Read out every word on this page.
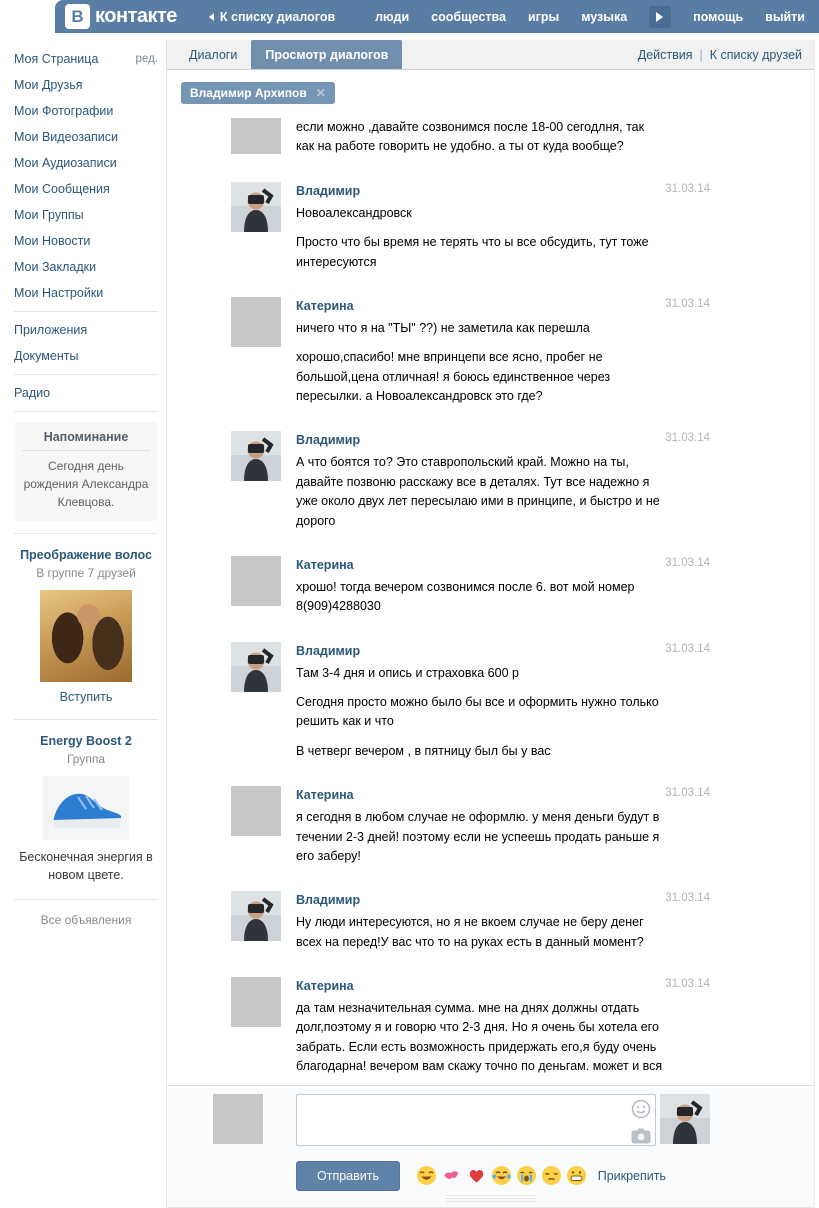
В контакте	К списку диалогов	люди сообщества игры музыка	помощь выйти
Моя Страница	ред.
Мои Друзья
Мои Фотографии
Мои Видеозаписи
Мои Аудиозаписи
Мои Сообщения
Мои Группы
Мои Новости
Мои Закладки
Мои Настройки
Приложения
Документы
Радио
Напоминание
Сегодня день рождения Александра Клевцова.
Преображение волос
В группе 7 друзей
Вступить
Energy Boost 2
Группа
Бесконечная энергия в новом цвете.
Все объявления
Диалоги	Просмотр диалогов	Действия | К списку друзей
Владимир Архипов ✕
если можно ,давайте созвонимся после 18-00 сегодлня, так как на работе говорить не удобно. а ты от куда вообще?
Владимир
Новоалександровск
Просто что бы время не терять что ы все обсудить, тут тоже интересуются
31.03.14
Катерина
ничего что я на "ТЫ" ??) не заметила как перешла
хорошо,спасибо! мне впринцепи все ясно, пробег не большой,цена отличная! я боюсь единственное через пересылки. а Новоалександровск это где?
31.03.14
Владимир
А что боятся то? Это ставропольский край. Можно на ты, давайте позвоню расскажу все в деталях. Тут все надежно я уже около двух лет пересылаю ими в принципе, и быстро и не дорого
31.03.14
Катерина
хрошо! тогда вечером созвонимся после 6. вот мой номер 8(909)4288030
31.03.14
Владимир
Там 3-4 дня и опись и страховка 600 р
Сегодня просто можно было бы все и оформить нужно только решить как и что
В четверг вечером , в пятницу был бы у вас
31.03.14
Катерина
я сегодня в любом случае не оформлю. у меня деньги будут в течении 2-3 дней! поэтому если не успеешь продать раньше я его заберу!
31.03.14
Владимир
Ну люди интересуются, но я не вкоем случае не беру денег всех на перед!У вас что то на руках есть в данный момент?
31.03.14
Катерина
да там незначительная сумма. мне на днях должны отдать долг,поэтому я и говорю что 2-3 дня. Но я очень бы хотела его забрать. Если есть возможность придержать его,я буду очень благодарна! вечером вам скажу точно по деньгам. может и вся
31.03.14
Отправить	Прикрепить
